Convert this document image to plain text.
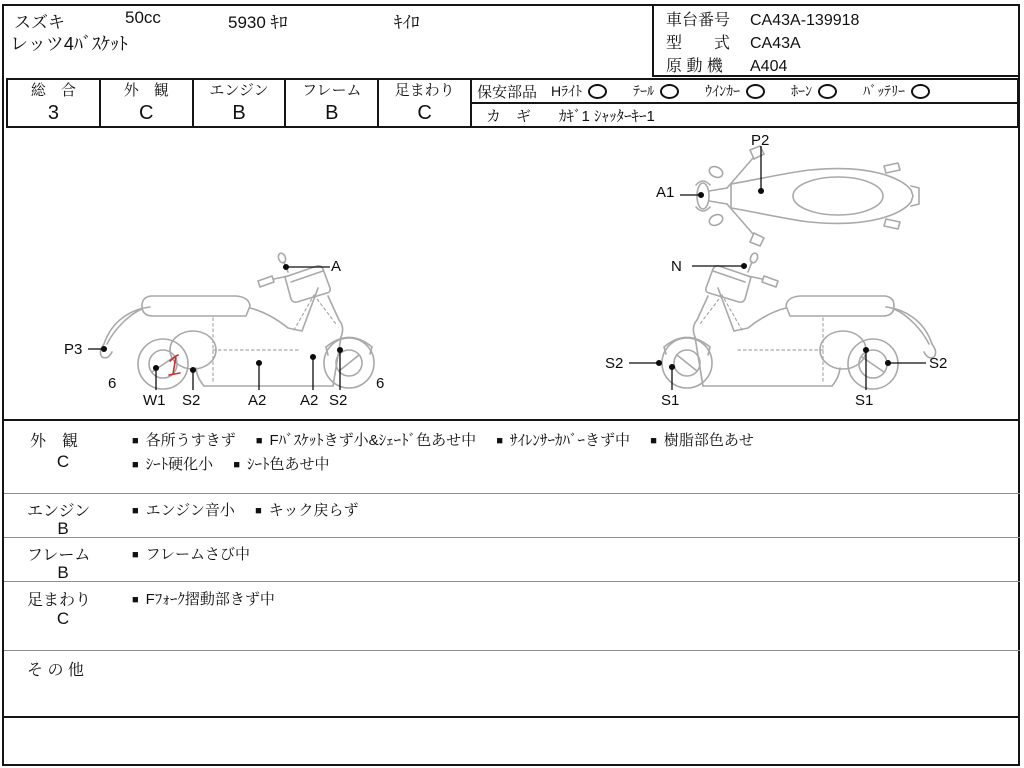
スズキ	50cc	5930 ｷﾛ	ｷｲﾛ
レッツ4ﾊﾞｽｹｯﾄ
車台番号 CA43A-139918
型　　式 CA43A
原 動 機 A404
総　合
3
外　観
C
エンジン
B
フレーム
B
足まわり
C
保安部品 Hﾗｲﾄ	ﾃｰﾙ	ｳｲﾝｶｰ	ﾎｰﾝ	ﾊﾞｯﾃﾘｰ
カ　ギ ｶｷﾞ1 ｼｬｯﾀｰｷｰ1
A
P3
6
W1 S2	A2 A2 S2
6
N
S2
S1	S1
S2
P2
A1
外　観
C
■ 各所うすきず ■ Fﾊﾞｽｹｯﾄきず小&ｼｪｰﾄﾞ色あせ中 ■ ｻｲﾚﾝｻｰｶﾊﾞｰきず中 ■ 樹脂部色あせ
■ ｼｰﾄ硬化小 ■ ｼｰﾄ色あせ中
エンジン
B
■ エンジン音小 ■ キック戻らず
フレーム
B
■ フレームさび中
足まわり
C
■ Fﾌｫｰｸ摺動部きず中
そ の 他
